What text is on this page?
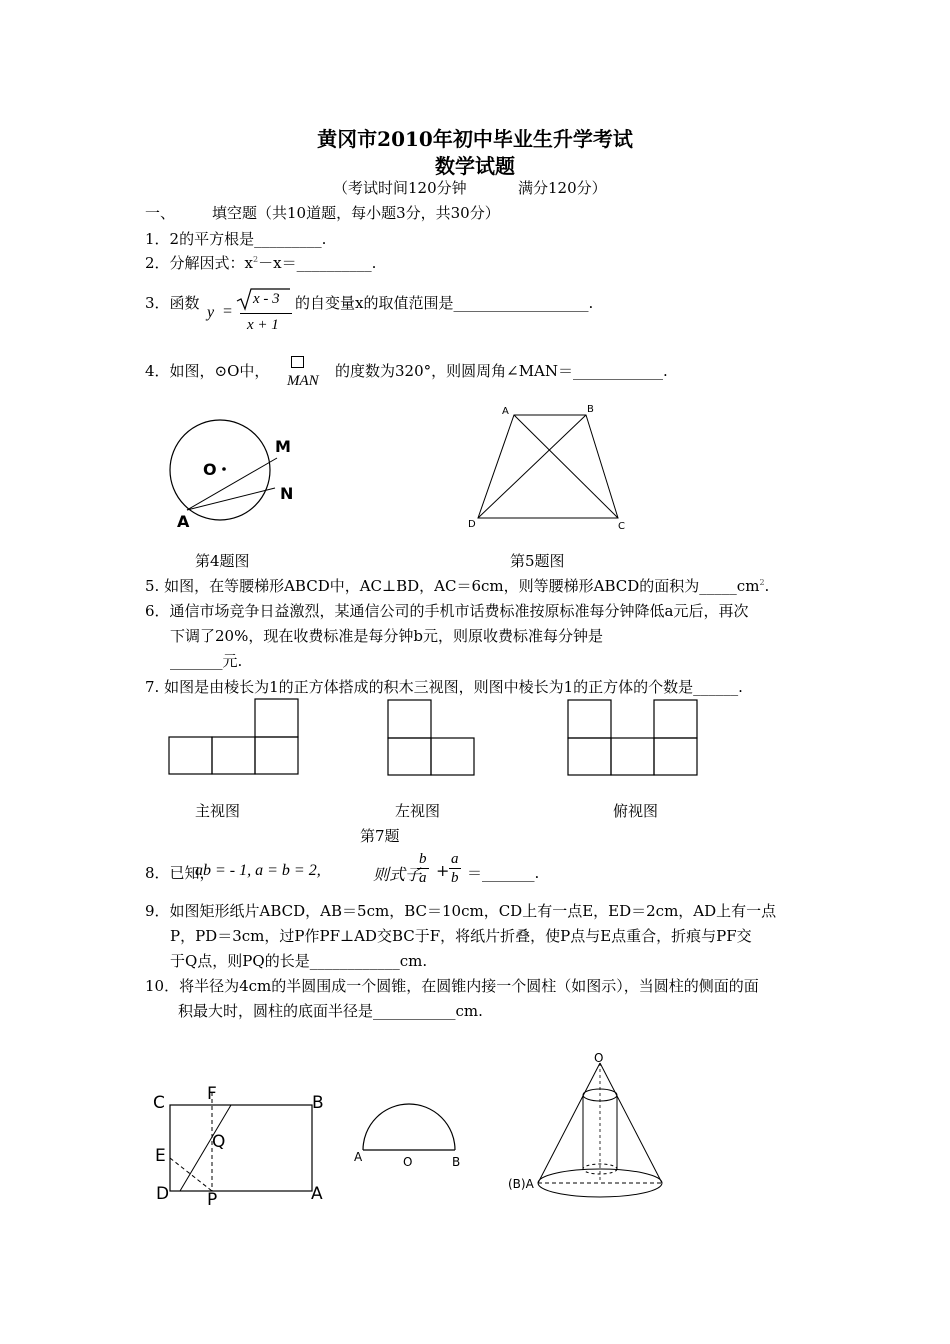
黄冈市2010年初中毕业生升学考试
数学试题
（考试时间120分钟	满分120分）
一、 填空题（共10道题，每小题3分，共30分）
1．2的平方根是_________.
2．分解因式：$x^2-x=\_\_\_\_\_\_\_\_\_\_$.
3．函数
y =
x - 3
x + 1
的自变量x的取值范围是__________________.
4．如图，⊙O中，
MAN
的度数为320°，则圆周角∠MAN＝____________.
O
M
N
A
第4题图
A	B
C
D
第5题图
5. 如图，在等腰梯形ABCD中，AC⊥BD，AC＝6cm，则等腰梯形ABCD的面积为$\_\_\_\_\_cm^2$.
6．通信市场竞争日益激烈，某通信公司的手机市话费标准按原标准每分钟降低a元后，再次
下调了20%，现在收费标准是每分钟b元，则原收费标准每分钟是
_______元.
7. 如图是由棱长为1的正方体搭成的积木三视图，则图中棱长为1的正方体的个数是______.
主视图	左视图	俯视图
第7题
8．已知，
ab = - 1, a = b = 2,	则式子
$\frac{b}{a} + \frac{a}{b}$ ＝_______.
9．如图矩形纸片ABCD，AB＝5cm，BC＝10cm，CD上有一点E，ED＝2cm，AD上有一点
P，PD＝3cm，过P作PF⊥AD交BC于F，将纸片折叠，使P点与E点重合，折痕与PF交
于Q点，则PQ的长是____________cm.
10．将半径为4cm的半圆围成一个圆锥，在圆锥内接一个圆柱（如图示），当圆柱的侧面的面
积最大时，圆柱的底面半径是___________cm.
C F	B
Q
E
D P	A
A	O	B
O
(B)A
